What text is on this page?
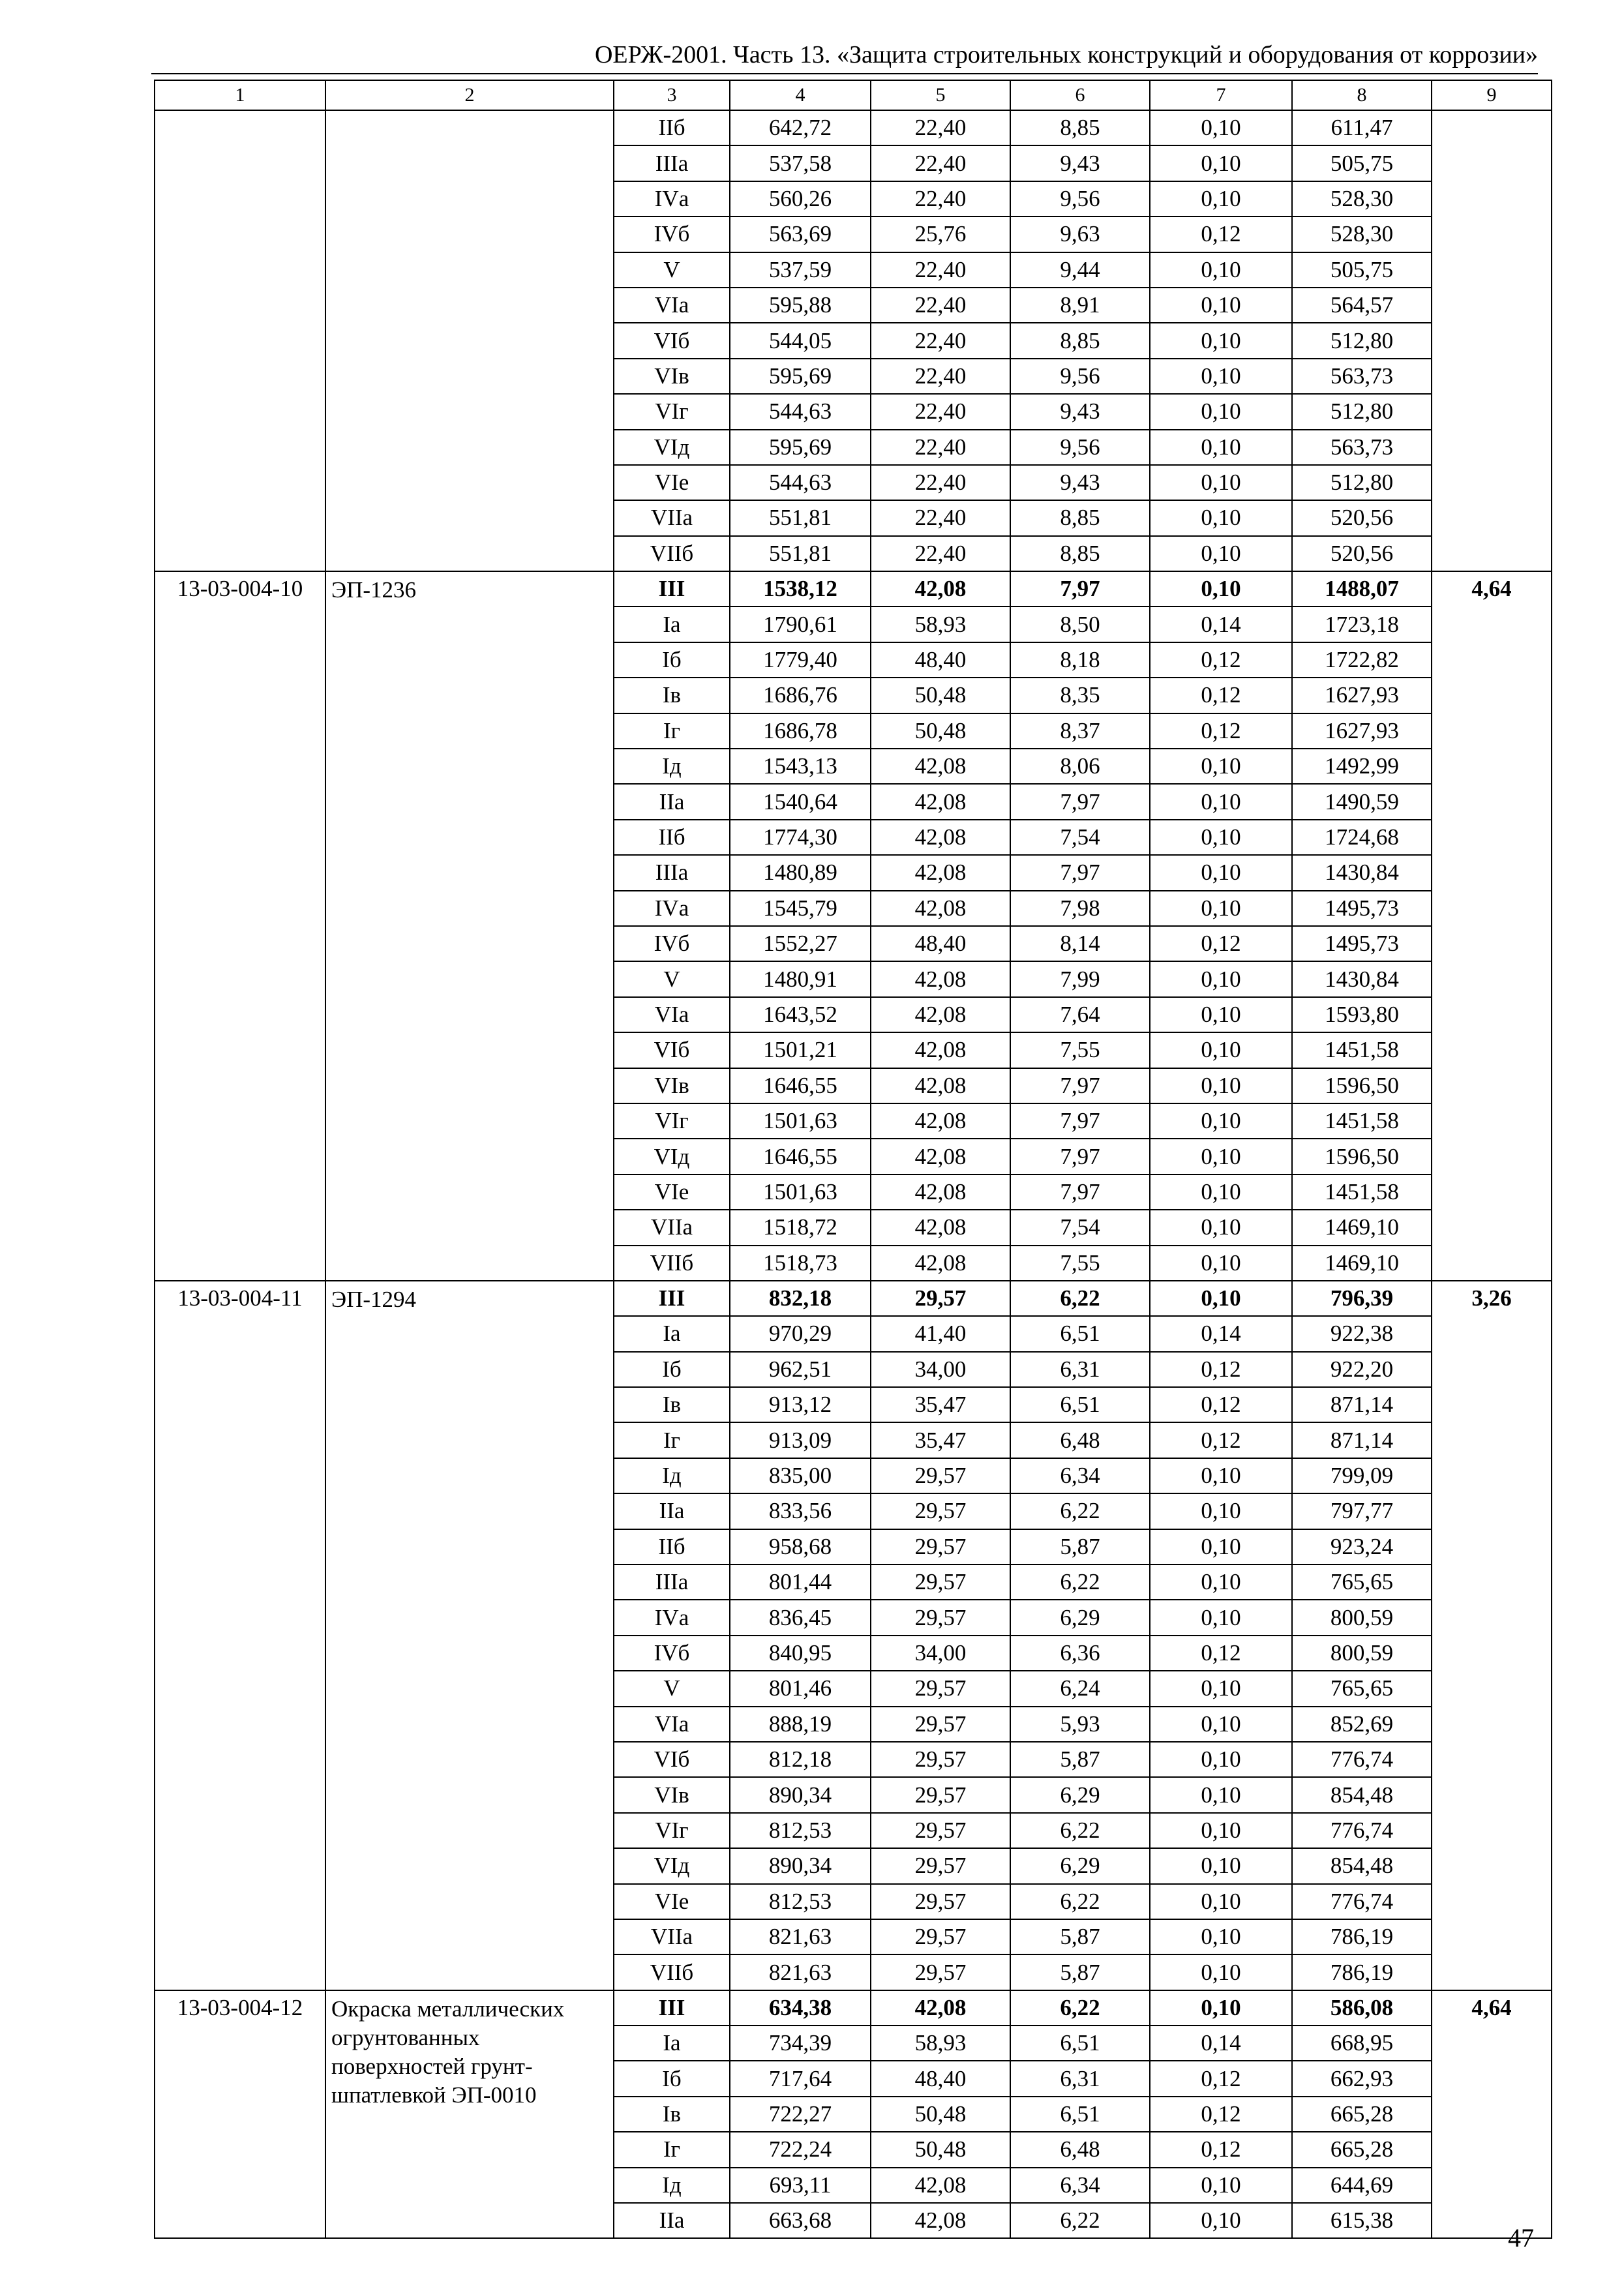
ОЕРЖ-2001. Часть 13. «Защита строительных конструкций и оборудования от коррозии»
1	2	3	4	5	6	7	8	9
		IIб	642,72	22,40	8,85	0,10	611,47	
		IIIа	537,58	22,40	9,43	0,10	505,75	
		IVа	560,26	22,40	9,56	0,10	528,30	
		IVб	563,69	25,76	9,63	0,12	528,30	
		V	537,59	22,40	9,44	0,10	505,75	
		VIа	595,88	22,40	8,91	0,10	564,57	
		VIб	544,05	22,40	8,85	0,10	512,80	
		VIв	595,69	22,40	9,56	0,10	563,73	
		VIг	544,63	22,40	9,43	0,10	512,80	
		VIд	595,69	22,40	9,56	0,10	563,73	
		VIе	544,63	22,40	9,43	0,10	512,80	
		VIIа	551,81	22,40	8,85	0,10	520,56	
		VIIб	551,81	22,40	8,85	0,10	520,56	
13-03-004-10	ЭП-1236	III	1538,12	42,08	7,97	0,10	1488,07	4,64
		Iа	1790,61	58,93	8,50	0,14	1723,18	
		Iб	1779,40	48,40	8,18	0,12	1722,82	
		Iв	1686,76	50,48	8,35	0,12	1627,93	
		Iг	1686,78	50,48	8,37	0,12	1627,93	
		Iд	1543,13	42,08	8,06	0,10	1492,99	
		IIа	1540,64	42,08	7,97	0,10	1490,59	
		IIб	1774,30	42,08	7,54	0,10	1724,68	
		IIIа	1480,89	42,08	7,97	0,10	1430,84	
		IVа	1545,79	42,08	7,98	0,10	1495,73	
		IVб	1552,27	48,40	8,14	0,12	1495,73	
		V	1480,91	42,08	7,99	0,10	1430,84	
		VIа	1643,52	42,08	7,64	0,10	1593,80	
		VIб	1501,21	42,08	7,55	0,10	1451,58	
		VIв	1646,55	42,08	7,97	0,10	1596,50	
		VIг	1501,63	42,08	7,97	0,10	1451,58	
		VIд	1646,55	42,08	7,97	0,10	1596,50	
		VIе	1501,63	42,08	7,97	0,10	1451,58	
		VIIа	1518,72	42,08	7,54	0,10	1469,10	
		VIIб	1518,73	42,08	7,55	0,10	1469,10	
13-03-004-11	ЭП-1294	III	832,18	29,57	6,22	0,10	796,39	3,26
		Iа	970,29	41,40	6,51	0,14	922,38	
		Iб	962,51	34,00	6,31	0,12	922,20	
		Iв	913,12	35,47	6,51	0,12	871,14	
		Iг	913,09	35,47	6,48	0,12	871,14	
		Iд	835,00	29,57	6,34	0,10	799,09	
		IIа	833,56	29,57	6,22	0,10	797,77	
		IIб	958,68	29,57	5,87	0,10	923,24	
		IIIа	801,44	29,57	6,22	0,10	765,65	
		IVа	836,45	29,57	6,29	0,10	800,59	
		IVб	840,95	34,00	6,36	0,12	800,59	
		V	801,46	29,57	6,24	0,10	765,65	
		VIа	888,19	29,57	5,93	0,10	852,69	
		VIб	812,18	29,57	5,87	0,10	776,74	
		VIв	890,34	29,57	6,29	0,10	854,48	
		VIг	812,53	29,57	6,22	0,10	776,74	
		VIд	890,34	29,57	6,29	0,10	854,48	
		VIе	812,53	29,57	6,22	0,10	776,74	
		VIIа	821,63	29,57	5,87	0,10	786,19	
		VIIб	821,63	29,57	5,87	0,10	786,19	
13-03-004-12	Окраска металлических огрунтованных поверхностей грунт-шпатлевкой ЭП-0010	III	634,38	42,08	6,22	0,10	586,08	4,64
		Iа	734,39	58,93	6,51	0,14	668,95	
		Iб	717,64	48,40	6,31	0,12	662,93	
		Iв	722,27	50,48	6,51	0,12	665,28	
		Iг	722,24	50,48	6,48	0,12	665,28	
		Iд	693,11	42,08	6,34	0,10	644,69	
		IIа	663,68	42,08	6,22	0,10	615,38	
47
